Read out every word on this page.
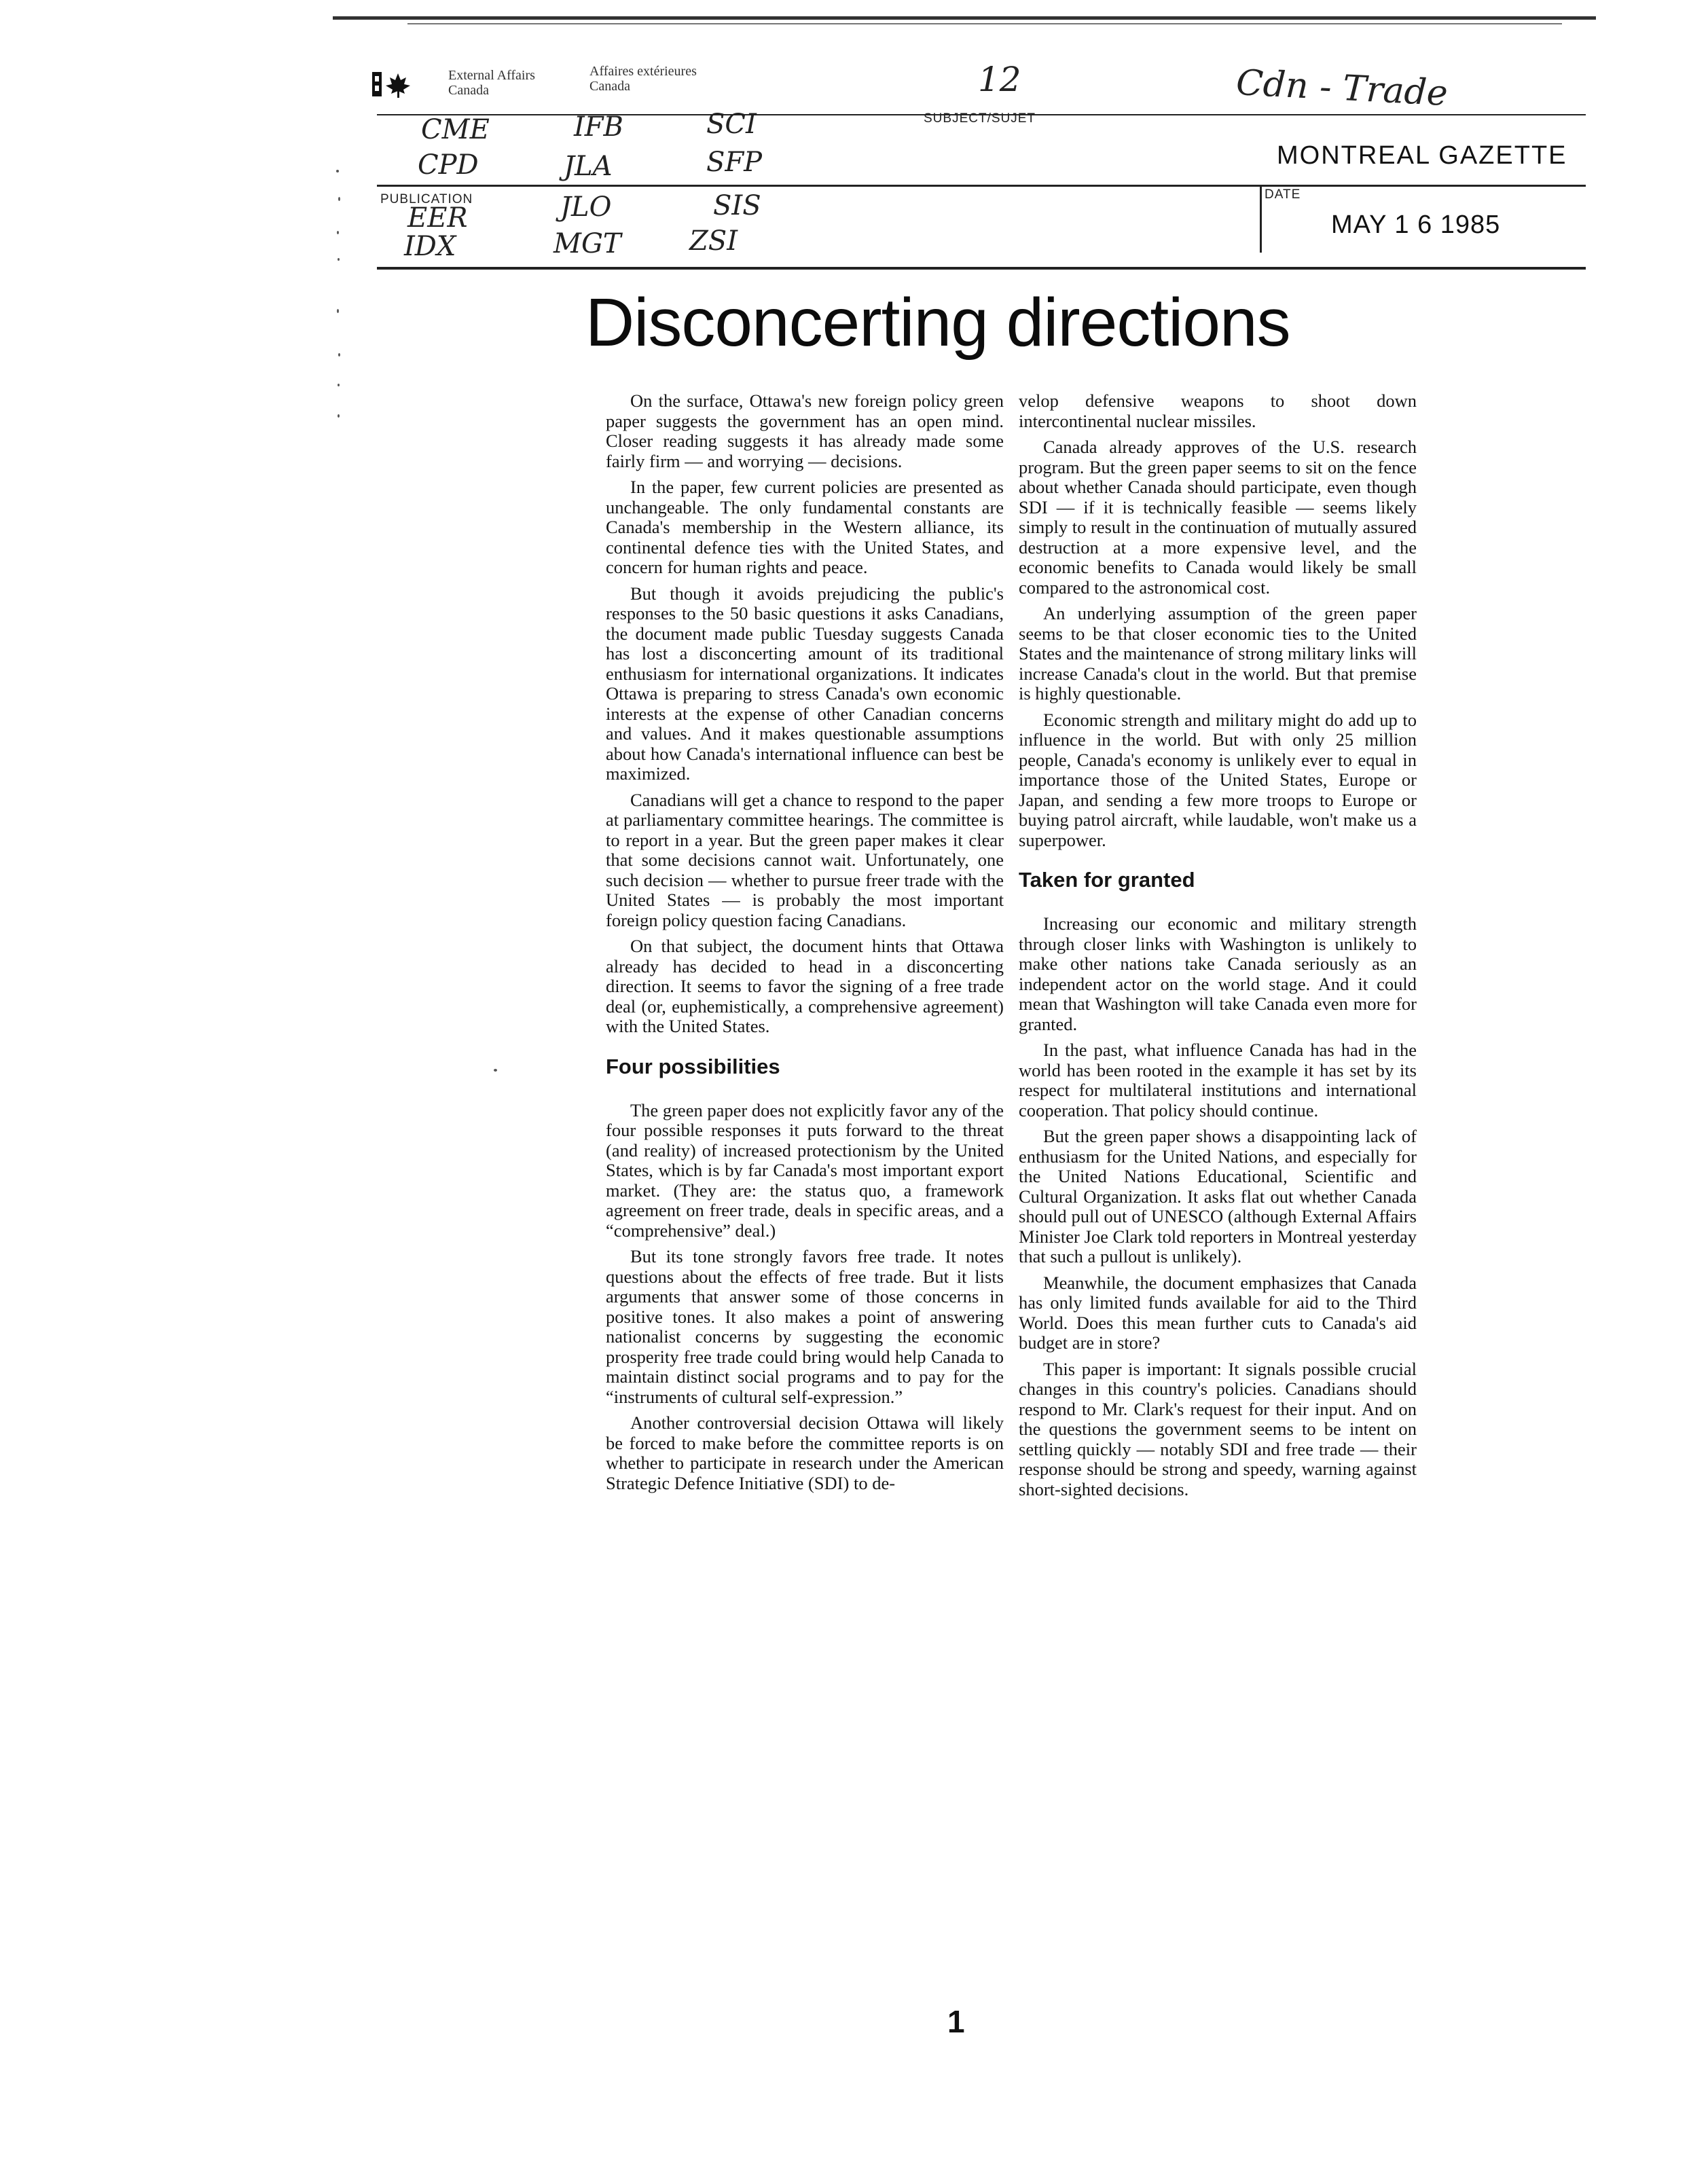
External Affairs
Canada
Affaires extérieures
Canada	12	Cdn - Trade
SUBJECT/SUJET
MONTREAL GAZETTE
PUBLICATION	DATE
MAY 1 6 1985
CME	IFB	SCI
CPD	JLA	SFP
EER	JLO	SIS
IDX	MGT	ZSI
Disconcerting directions

On the surface, Ottawa's new foreign policy green paper suggests the government has an open mind. Closer reading suggests it has already made some fairly firm — and worrying — decisions.

In the paper, few current policies are presented as unchangeable. The only fundamental constants are Canada's membership in the Western alliance, its continental defence ties with the United States, and concern for human rights and peace.

But though it avoids prejudicing the public's responses to the 50 basic questions it asks Canadians, the document made public Tuesday suggests Canada has lost a disconcerting amount of its traditional enthusiasm for international organizations. It indicates Ottawa is preparing to stress Canada's own economic interests at the expense of other Canadian concerns and values. And it makes questionable assumptions about how Canada's international influence can best be maximized.

Canadians will get a chance to respond to the paper at parliamentary committee hearings. The committee is to report in a year. But the green paper makes it clear that some decisions cannot wait. Unfortunately, one such decision — whether to pursue freer trade with the United States — is probably the most important foreign policy question facing Canadians.

On that subject, the document hints that Ottawa already has decided to head in a disconcerting direction. It seems to favor the signing of a free trade deal (or, euphemistically, a comprehensive agreement) with the United States.

Four possibilities

The green paper does not explicitly favor any of the four possible responses it puts forward to the threat (and reality) of increased protectionism by the United States, which is by far Canada's most important export market. (They are: the status quo, a framework agreement on freer trade, deals in specific areas, and a “comprehensive” deal.)

But its tone strongly favors free trade. It notes questions about the effects of free trade. But it lists arguments that answer some of those concerns in positive tones. It also makes a point of answering nationalist concerns by suggesting the economic prosperity free trade could bring would help Canada to maintain distinct social programs and to pay for the “instruments of cultural self-expression.”

Another controversial decision Ottawa will likely be forced to make before the committee reports is on whether to participate in research under the American Strategic Defence Initiative (SDI) to de-

velop defensive weapons to shoot down intercontinental nuclear missiles.

Canada already approves of the U.S. research program. But the green paper seems to sit on the fence about whether Canada should participate, even though SDI — if it is technically feasible — seems likely simply to result in the continuation of mutually assured destruction at a more expensive level, and the economic benefits to Canada would likely be small compared to the astronomical cost.

An underlying assumption of the green paper seems to be that closer economic ties to the United States and the maintenance of strong military links will increase Canada's clout in the world. But that premise is highly questionable.

Economic strength and military might do add up to influence in the world. But with only 25 million people, Canada's economy is unlikely ever to equal in importance those of the United States, Europe or Japan, and sending a few more troops to Europe or buying patrol aircraft, while laudable, won't make us a superpower.

Taken for granted

Increasing our economic and military strength through closer links with Washington is unlikely to make other nations take Canada seriously as an independent actor on the world stage. And it could mean that Washington will take Canada even more for granted.

In the past, what influence Canada has had in the world has been rooted in the example it has set by its respect for multilateral institutions and international cooperation. That policy should continue.

But the green paper shows a disappointing lack of enthusiasm for the United Nations, and especially for the United Nations Educational, Scientific and Cultural Organization. It asks flat out whether Canada should pull out of UNESCO (although External Affairs Minister Joe Clark told reporters in Montreal yesterday that such a pullout is unlikely).

Meanwhile, the document emphasizes that Canada has only limited funds available for aid to the Third World. Does this mean further cuts to Canada's aid budget are in store?

This paper is important: It signals possible crucial changes in this country's policies. Canadians should respond to Mr. Clark's request for their input. And on the questions the government seems to be intent on settling quickly — notably SDI and free trade — their response should be strong and speedy, warning against short-sighted decisions.

1
